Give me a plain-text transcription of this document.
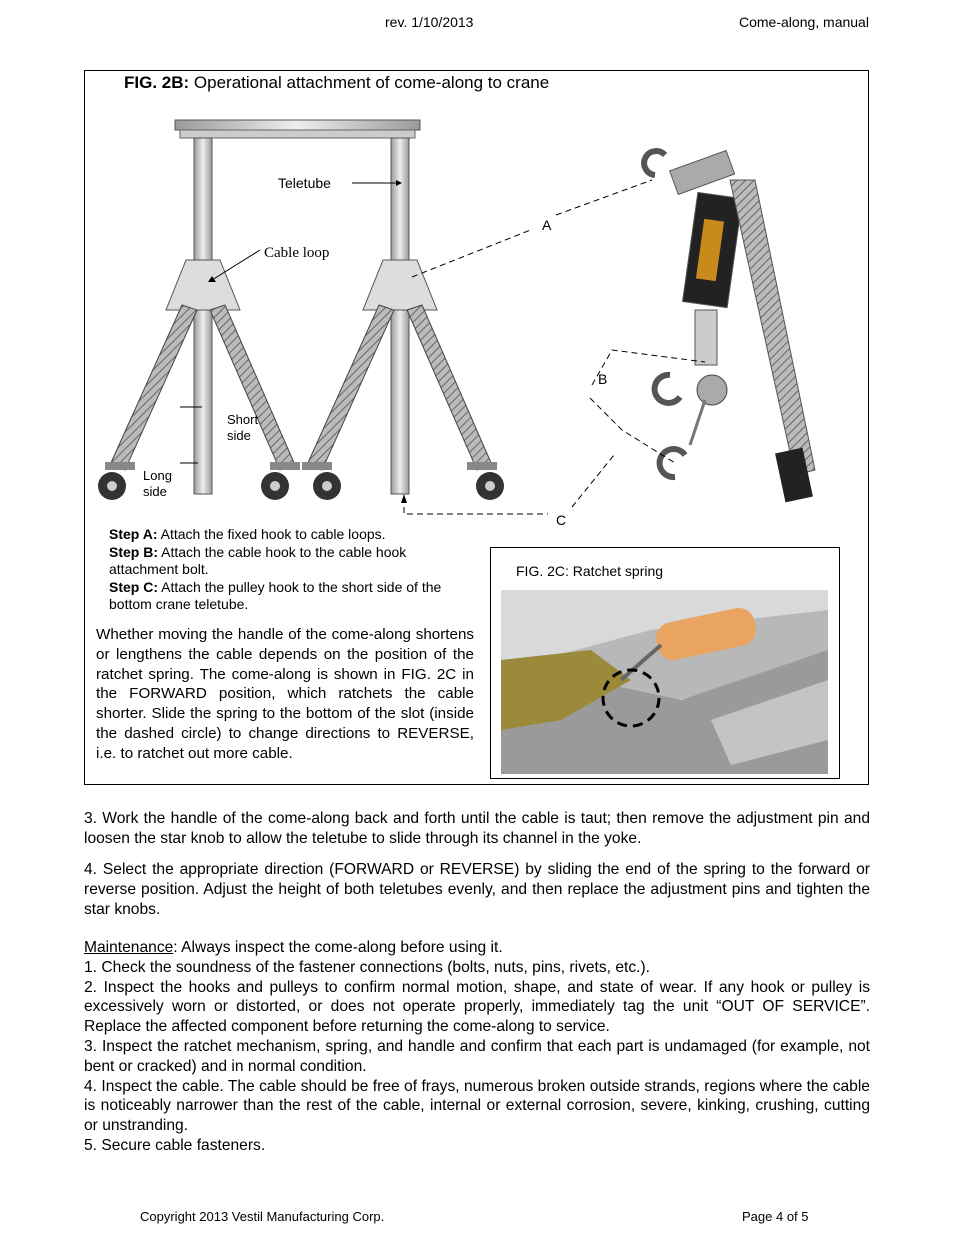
rev. 1/10/2013	Come-along, manual
FIG. 2B: Operational attachment of come-along to crane
Teletube
Cable loop
Short
side
Long
side
A
B
C

Step A: Attach the fixed hook to cable loops.

Step B: Attach the cable hook to the cable hook attachment bolt.

Step C: Attach the pulley hook to the short side of the bottom crane teletube.

Whether moving the handle of the come-along shortens or lengthens the cable depends on the position of the ratchet spring. The come-along is shown in FIG. 2C in the FORWARD position, which ratchets the cable shorter. Slide the spring to the bottom of the slot (inside the dashed circle) to change directions to REVERSE, i.e. to ratchet out more cable.
FIG. 2C: Ratchet spring
3. Work the handle of the come-along back and forth until the cable is taut; then remove the adjustment pin and loosen the star knob to allow the teletube to slide through its channel in the yoke.
4. Select the appropriate direction (FORWARD or REVERSE) by sliding the end of the spring to the forward or reverse position. Adjust the height of both teletubes evenly, and then replace the adjustment pins and tighten the star knobs.

Maintenance: Always inspect the come-along before using it.

1. Check the soundness of the fastener connections (bolts, nuts, pins, rivets, etc.).

2. Inspect the hooks and pulleys to confirm normal motion, shape, and state of wear. If any hook or pulley is excessively worn or distorted, or does not operate properly, immediately tag the unit “OUT OF SERVICE”. Replace the affected component before returning the come-along to service.

3. Inspect the ratchet mechanism, spring, and handle and confirm that each part is undamaged (for example, not bent or cracked) and in normal condition.

4. Inspect the cable. The cable should be free of frays, numerous broken outside strands, regions where the cable is noticeably narrower than the rest of the cable, internal or external corrosion, severe, kinking, crushing, cutting or unstranding.

5. Secure cable fasteners.

Copyright 2013 Vestil Manufacturing Corp.	Page 4 of 5
